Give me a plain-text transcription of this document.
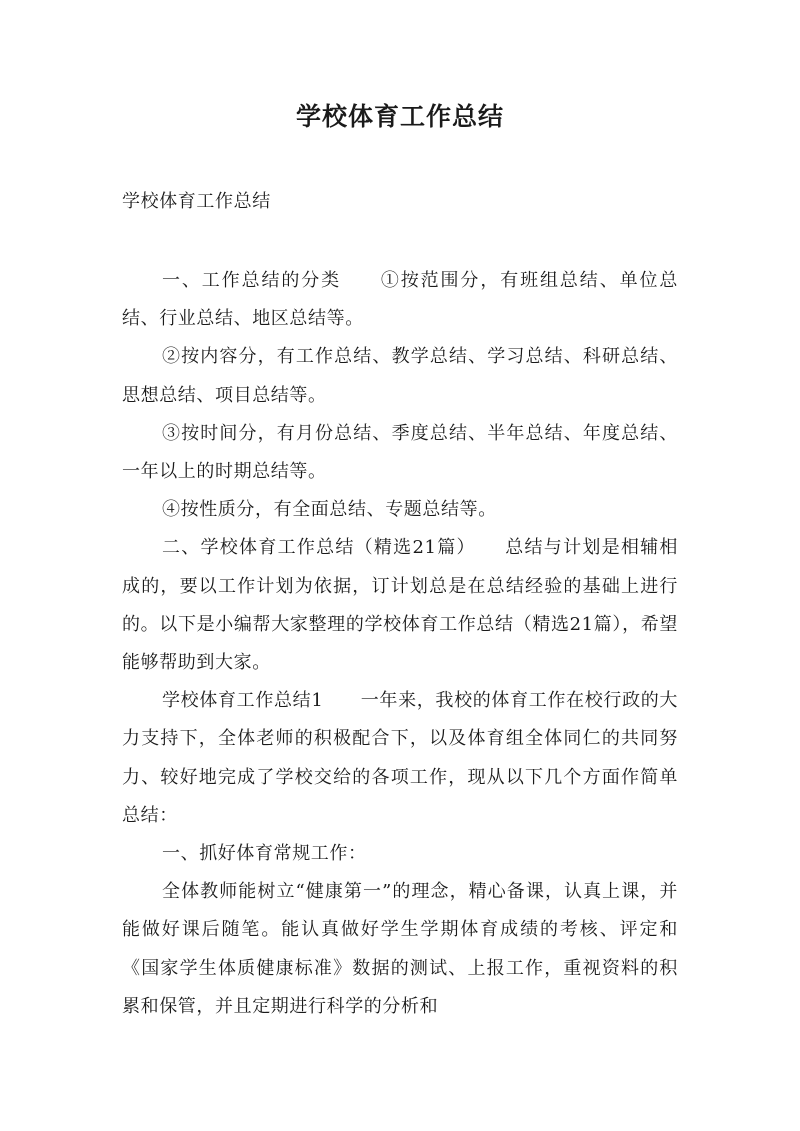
学校体育工作总结

学校体育工作总结

一、工作总结的分类　　①按范围分，有班组总结、单位总结、行业总结、地区总结等。

②按内容分，有工作总结、教学总结、学习总结、科研总结、思想总结、项目总结等。

③按时间分，有月份总结、季度总结、半年总结、年度总结、一年以上的时期总结等。

④按性质分，有全面总结、专题总结等。

二、学校体育工作总结（精选21篇）　　总结与计划是相辅相成的，要以工作计划为依据，订计划总是在总结经验的基础上进行的。以下是小编帮大家整理的学校体育工作总结（精选21篇），希望能够帮助到大家。

学校体育工作总结1　　一年来，我校的体育工作在校行政的大力支持下，全体老师的积极配合下，以及体育组全体同仁的共同努力、较好地完成了学校交给的各项工作，现从以下几个方面作简单总结：

一、抓好体育常规工作：

全体教师能树立“健康第一”的理念，精心备课，认真上课，并能做好课后随笔。能认真做好学生学期体育成绩的考核、评定和《国家学生体质健康标准》数据的测试、上报工作，重视资料的积累和保管，并且定期进行科学的分析和
